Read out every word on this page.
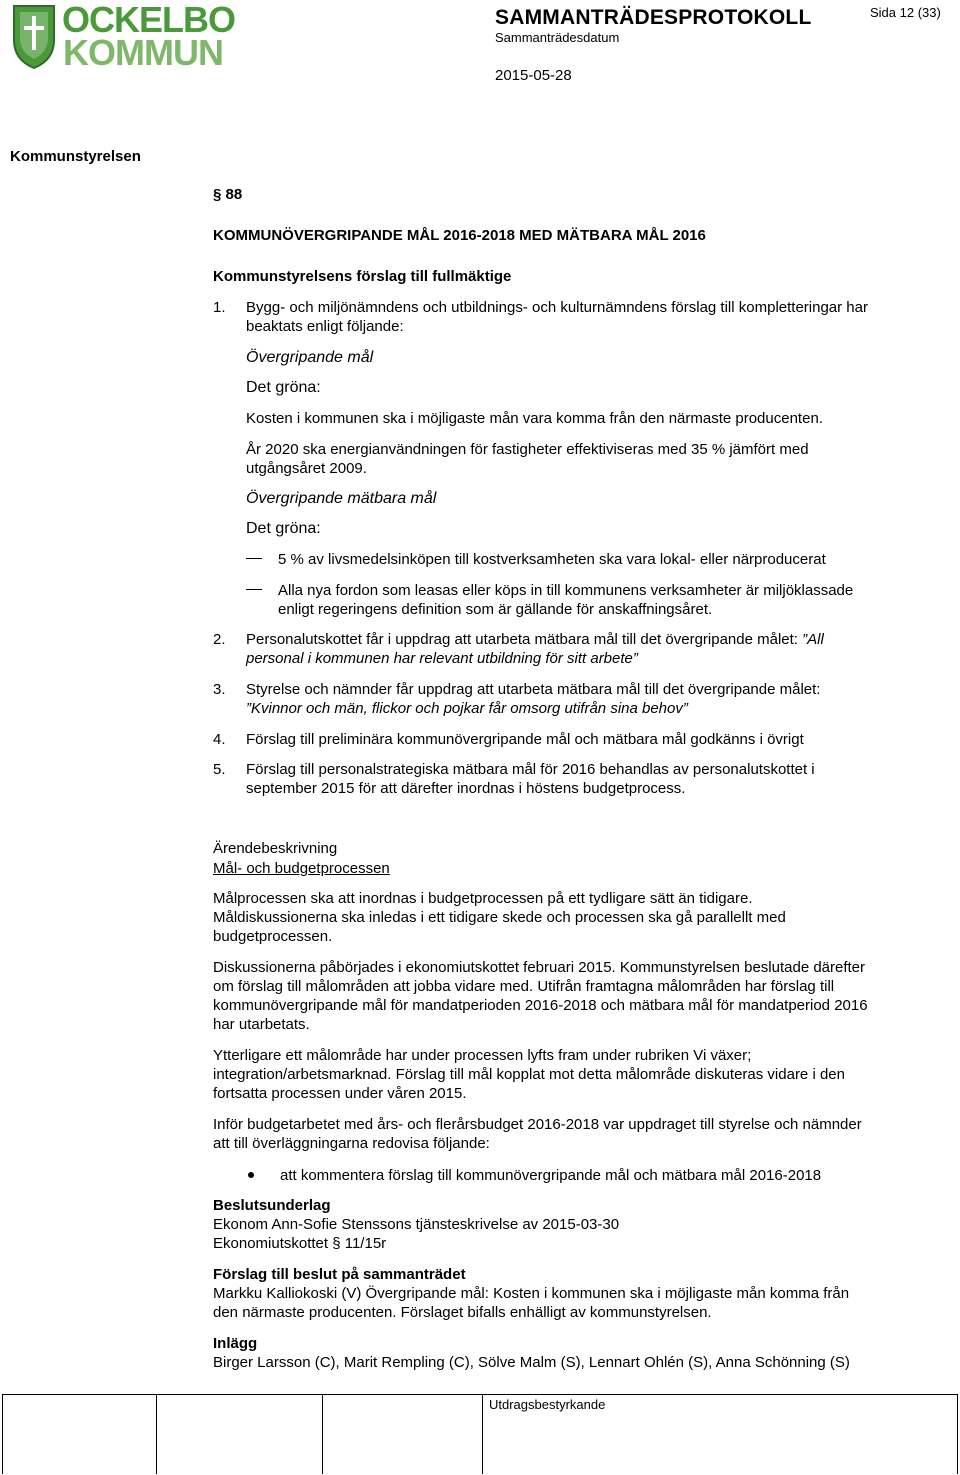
OCKELBO
KOMMUN
SAMMANTRÄDESPROTOKOLL	Sida 12 (33)
Sammanträdesdatum
2015-05-28
Kommunstyrelsen
§ 88
KOMMUNÖVERGRIPANDE MÅL 2016-2018 MED MÄTBARA MÅL 2016
Kommunstyrelsens förslag till fullmäktige
1. Bygg- och miljönämndens och utbildnings- och kulturnämndens förslag till kompletteringar har
beaktats enligt följande:
Övergripande mål
Det gröna:
Kosten i kommunen ska i möjligaste mån vara komma från den närmaste producenten.
År 2020 ska energianvändningen för fastigheter effektiviseras med 35 % jämfört med
utgångsåret 2009.
Övergripande mätbara mål
Det gröna:
5 % av livsmedelsinköpen till kostverksamheten ska vara lokal- eller närproducerat
Alla nya fordon som leasas eller köps in till kommunens verksamheter är miljöklassade
enligt regeringens definition som är gällande för anskaffningsåret.
2. Personalutskottet får i uppdrag att utarbeta mätbara mål till det övergripande målet: ”All
personal i kommunen har relevant utbildning för sitt arbete”
3. Styrelse och nämnder får uppdrag att utarbeta mätbara mål till det övergripande målet:
”Kvinnor och män, flickor och pojkar får omsorg utifrån sina behov”
4. Förslag till preliminära kommunövergripande mål och mätbara mål godkänns i övrigt
5. Förslag till personalstrategiska mätbara mål för 2016 behandlas av personalutskottet i
september 2015 för att därefter inordnas i höstens budgetprocess.
Ärendebeskrivning
Mål- och budgetprocessen
Målprocessen ska att inordnas i budgetprocessen på ett tydligare sätt än tidigare.
Måldiskussionerna ska inledas i ett tidigare skede och processen ska gå parallellt med
budgetprocessen.
Diskussionerna påbörjades i ekonomiutskottet februari 2015. Kommunstyrelsen beslutade därefter
om förslag till målområden att jobba vidare med. Utifrån framtagna målområden har förslag till
kommunövergripande mål för mandatperioden 2016-2018 och mätbara mål för mandatperiod 2016
har utarbetats.
Ytterligare ett målområde har under processen lyfts fram under rubriken Vi växer;
integration/arbetsmarknad. Förslag till mål kopplat mot detta målområde diskuteras vidare i den
fortsatta processen under våren 2015.
Inför budgetarbetet med års- och flerårsbudget 2016-2018 var uppdraget till styrelse och nämnder
att till överläggningarna redovisa följande:
att kommentera förslag till kommunövergripande mål och mätbara mål 2016-2018
Beslutsunderlag
Ekonom Ann-Sofie Stenssons tjänsteskrivelse av 2015-03-30
Ekonomiutskottet § 11/15r
Förslag till beslut på sammanträdet
Markku Kalliokoski (V) Övergripande mål: Kosten i kommunen ska i möjligaste mån komma från
den närmaste producenten. Förslaget bifalls enhälligt av kommunstyrelsen.
Inlägg
Birger Larsson (C), Marit Rempling (C), Sölve Malm (S), Lennart Ohlén (S), Anna Schönning (S)
Utdragsbestyrkande
